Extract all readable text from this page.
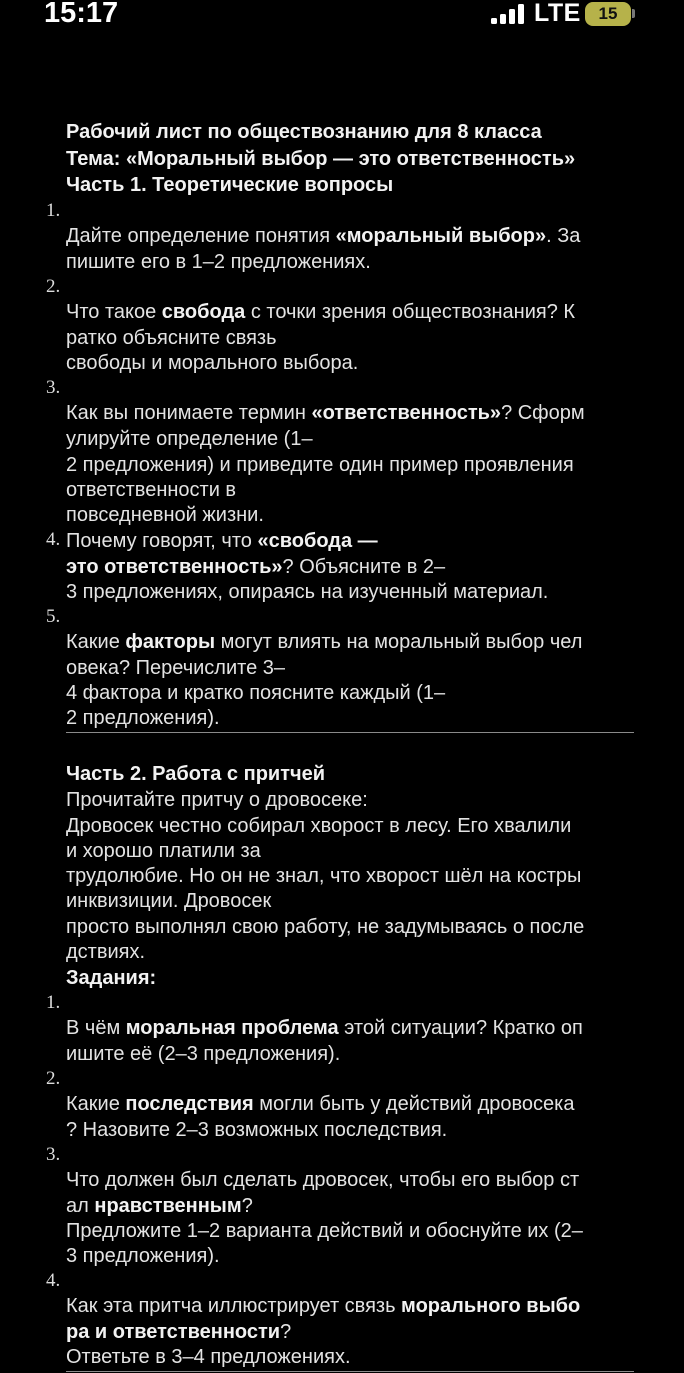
15:17	LTE 15
Рабочий лист по обществознанию для 8 класса
Тема: «Моральный выбор — это ответственность»
Часть 1. Теоретические вопросы
1.
Дайте определение понятия «моральный выбор». За
пишите его в 1–2 предложениях.
2.
Что такое свобода с точки зрения обществознания? К
ратко объясните связь
свободы и морального выбора.
3.
Как вы понимаете термин «ответственность»? Сформ
улируйте определение (1–
2 предложения) и приведите один пример проявления
ответственности в
повседневной жизни.
4. Почему говорят, что «свобода —
это ответственность»? Объясните в 2–
3 предложениях, опираясь на изученный материал.
5.
Какие факторы могут влиять на моральный выбор чел
овека? Перечислите 3–
4 фактора и кратко поясните каждый (1–
2 предложения).
Часть 2. Работа с притчей
Прочитайте притчу о дровосеке:
Дровосек честно собирал хворост в лесу. Его хвалили
и хорошо платили за
трудолюбие. Но он не знал, что хворост шёл на костры
инквизиции. Дровосек
просто выполнял свою работу, не задумываясь о после
дствиях.
Задания:
1.
В чём моральная проблема этой ситуации? Кратко оп
ишите её (2–3 предложения).
2.
Какие последствия могли быть у действий дровосека
? Назовите 2–3 возможных последствия.
3.
Что должен был сделать дровосек, чтобы его выбор ст
ал нравственным?
Предложите 1–2 варианта действий и обоснуйте их (2–
3 предложения).
4.
Как эта притча иллюстрирует связь морального выбо
ра и ответственности?
Ответьте в 3–4 предложениях.
